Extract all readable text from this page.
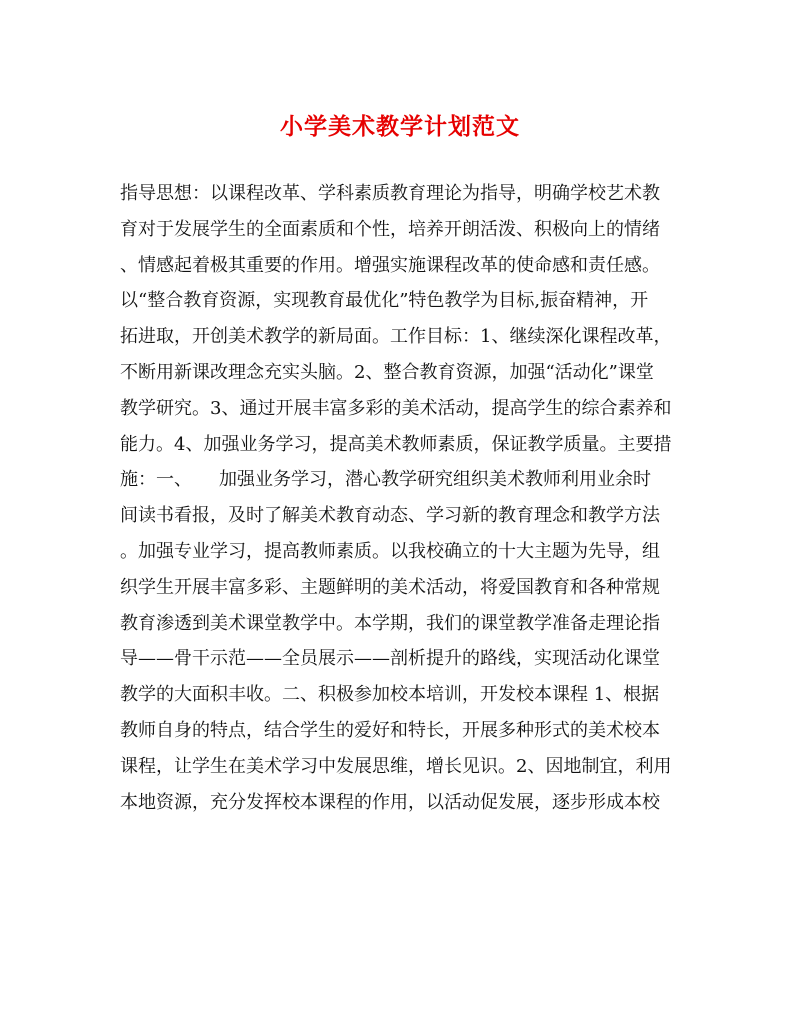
小学美术教学计划范文
指导思想：以课程改革、学科素质教育理论为指导，明确学校艺术教
育对于发展学生的全面素质和个性，培养开朗活泼、积极向上的情绪
、情感起着极其重要的作用。增强实施课程改革的使命感和责任感。
以“整合教育资源，实现教育最优化”特色教学为目标,振奋精神，开
拓进取，开创美术教学的新局面。工作目标：1、继续深化课程改革，
不断用新课改理念充实头脑。2、整合教育资源，加强“活动化”课堂
教学研究。3、通过开展丰富多彩的美术活动，提高学生的综合素养和
能力。4、加强业务学习，提高美术教师素质，保证教学质量。主要措
施：一、　　加强业务学习，潜心教学研究组织美术教师利用业余时
间读书看报，及时了解美术教育动态、学习新的教育理念和教学方法
。加强专业学习，提高教师素质。以我校确立的十大主题为先导，组
织学生开展丰富多彩、主题鲜明的美术活动，将爱国教育和各种常规
教育渗透到美术课堂教学中。本学期，我们的课堂教学准备走理论指
导——骨干示范——全员展示——剖析提升的路线，实现活动化课堂
教学的大面积丰收。二、积极参加校本培训，开发校本课程 1、根据
教师自身的特点，结合学生的爱好和特长，开展多种形式的美术校本
课程，让学生在美术学习中发展思维，增长见识。2、因地制宜，利用
本地资源，充分发挥校本课程的作用，以活动促发展，逐步形成本校
